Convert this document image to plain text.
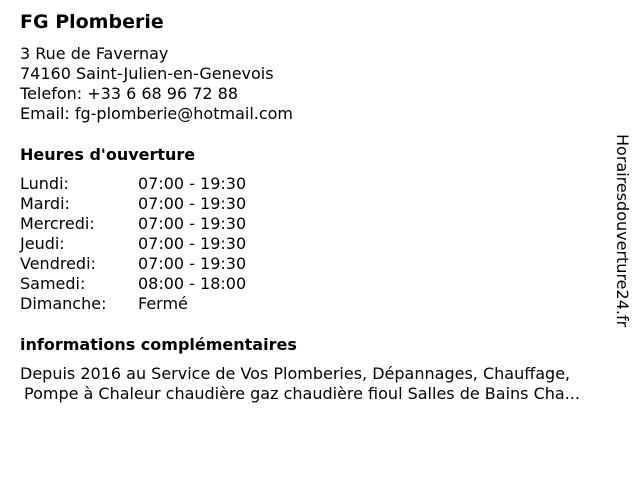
FG Plomberie
3 Rue de Favernay
74160 Saint-Julien-en-Genevois
Telefon: +33 6 68 96 72 88
Email: fg-plomberie@hotmail.com
Heures d'ouverture
Lundi:	07:00 - 19:30
Mardi:	07:00 - 19:30
Mercredi:	07:00 - 19:30
Jeudi:	07:00 - 19:30
Vendredi:	07:00 - 19:30
Samedi:	08:00 - 18:00
Dimanche:	Fermé
informations complémentaires
Depuis 2016 au Service de Vos Plomberies, Dépannages, Chauffage,
Pompe à Chaleur chaudière gaz chaudière fioul Salles de Bains Cha...
Horairesdouverture24.fr
